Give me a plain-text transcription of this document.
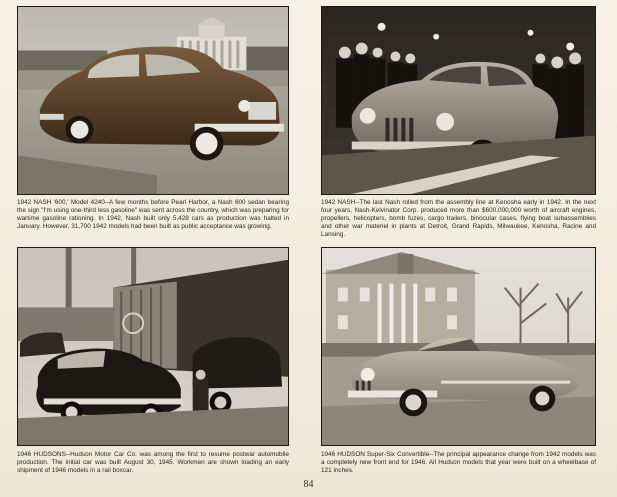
1942 NASH '600,' Model 4240--A few months before Pearl Harbor, a Nash 600 sedan bearing the sign "I'm using one-third less gasoline" was sent across the country, which was preparing for wartime gasoline rationing. In 1942, Nash built only 5,428 cars as production was halted in January. However, 31,700 1942 models had been built as public acceptance was growing.
1942 NASH--The last Nash rolled from the assembly line at Kenosha early in 1942. In the next four years, Nash-Kelvinator Corp. produced more than $600,000,000 worth of aircraft engines, propellers, helicopters, bomb fuzes, cargo trailers, binocular cases, flying boat subassemblies and other war materiel in plants at Detroit, Grand Rapids, Milwaukee, Kenosha, Racine and Lansing.
1946 HUDSONS--Hudson Motor Car Co. was among the first to resume postwar automobile production. The initial car was built August 30, 1945. Workmen are shown loading an early shipment of 1946 models in a rail boxcar.
1946 HUDSON Super-Six Convertible--The principal appearance change from 1942 models was a completely new front end for 1946. All Hudson models that year were built on a wheelbase of 121 inches.
84
